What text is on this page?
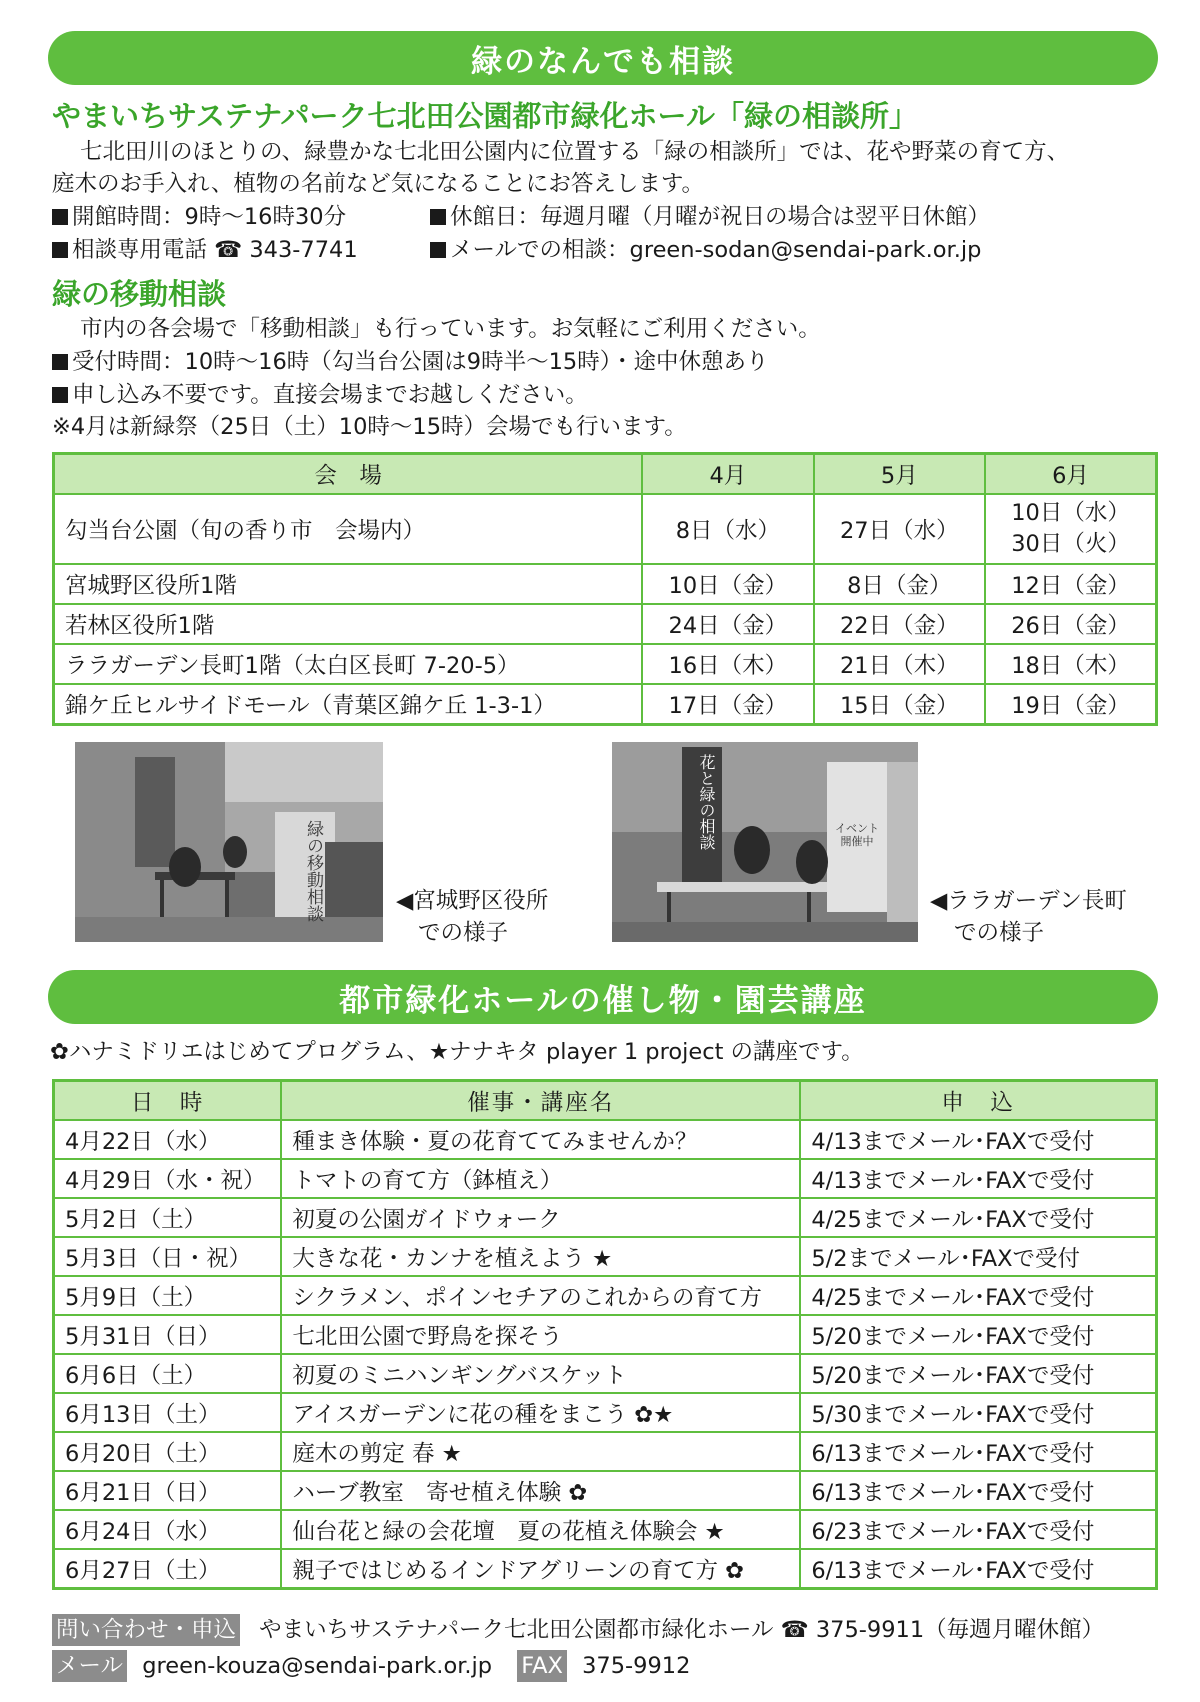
緑のなんでも相談
やまいちサステナパーク七北田公園都市緑化ホール「緑の相談所」
七北田川のほとりの、緑豊かな七北田公園内に位置する「緑の相談所」では、花や野菜の育て方、
庭木のお手入れ、植物の名前など気になることにお答えします。
開館時間：9時～16時30分	休館日：毎週月曜（月曜が祝日の場合は翌平日休館）
相談専用電話 ☎ 343-7741	メールでの相談：green-sodan@sendai-park.or.jp
緑の移動相談
市内の各会場で「移動相談」も行っています。お気軽にご利用ください。
受付時間：10時～16時（勾当台公園は9時半～15時）・途中休憩あり
申し込み不要です。直接会場までお越しください。
※4月は新緑祭（25日（土）10時～15時）会場でも行います。
会　場	4月	5月	6月
勾当台公園（旬の香り市　会場内）	8日（水）	27日（水）	10日（水）
30日（火）

宮城野区役所1階	10日（金）	8日（金）	12日（金）
若林区役所1階	24日（金）	22日（金）	26日（金）
ララガーデン長町1階（太白区長町 7-20-5）	16日（木）	21日（木）	18日（木）
錦ケ丘ヒルサイドモール（青葉区錦ケ丘 1-3-1）	17日（金）	15日（金）	19日（金）
緑の移動相談	◀宮城野区役所
での様子
花と緑の相談	イベント開催中
◀ララガーデン長町
での様子
都市緑化ホールの催し物・園芸講座
✿ハナミドリエはじめてプログラム、★ナナキタ player 1 project の講座です。
日　時	催事・講座名	申　込
4月22日（水）	種まき体験・夏の花育ててみませんか？	4/13までメール･FAXで受付
4月29日（水・祝）	トマトの育て方（鉢植え）	4/13までメール･FAXで受付
5月2日（土）	初夏の公園ガイドウォーク	4/25までメール･FAXで受付
5月3日（日・祝）	大きな花・カンナを植えよう ★	5/2までメール･FAXで受付
5月9日（土）	シクラメン、ポインセチアのこれからの育て方	4/25までメール･FAXで受付
5月31日（日）	七北田公園で野鳥を探そう	5/20までメール･FAXで受付
6月6日（土）	初夏のミニハンギングバスケット	5/20までメール･FAXで受付
6月13日（土）	アイスガーデンに花の種をまこう ✿★	5/30までメール･FAXで受付
6月20日（土）	庭木の剪定 春 ★	6/13までメール･FAXで受付
6月21日（日）	ハーブ教室　寄せ植え体験 ✿	6/13までメール･FAXで受付
6月24日（水）	仙台花と緑の会花壇　夏の花植え体験会 ★	6/23までメール･FAXで受付
6月27日（土）	親子ではじめるインドアグリーンの育て方 ✿	6/13までメール･FAXで受付
問い合わせ・申込 やまいちサステナパーク七北田公園都市緑化ホール ☎ 375-9911（毎週月曜休館）
メール green-kouza@sendai-park.or.jp FAX 375-9912
